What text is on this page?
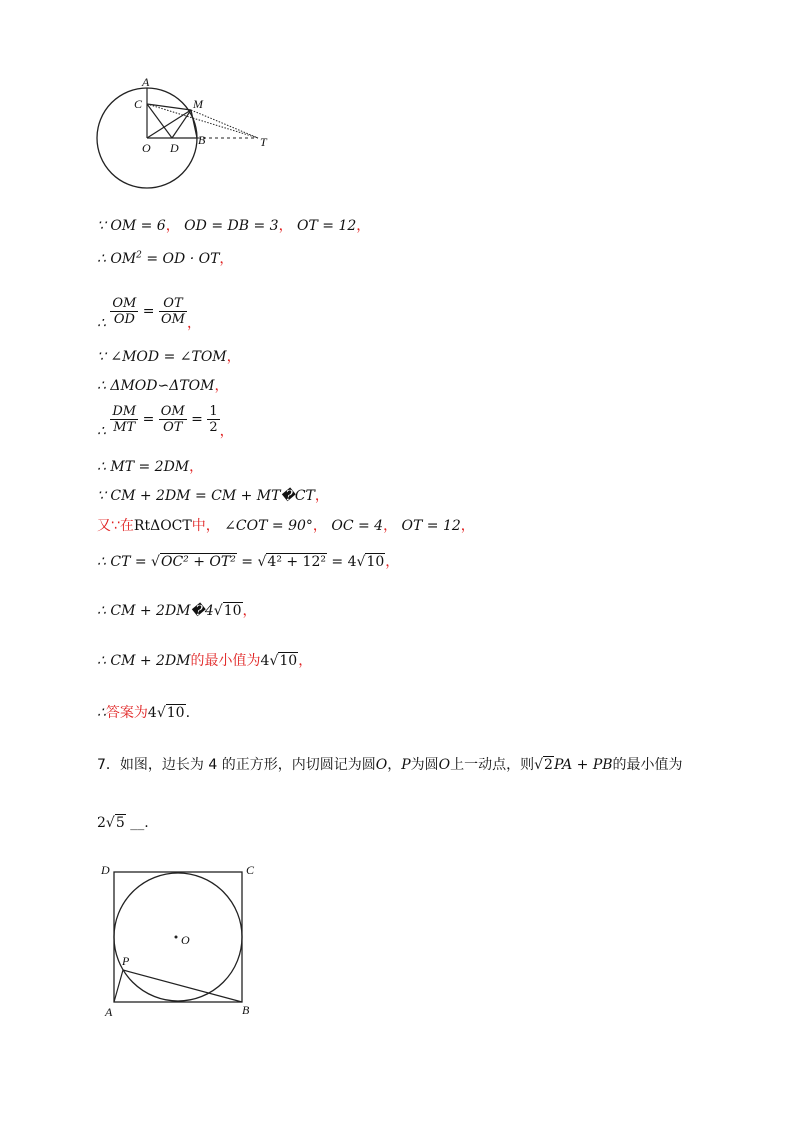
A
M
C
O D
B	T
∵ OM = 6， OD = DB = 3， OT = 12，
∴ $OM^2$ = OD · OT，
∴ $\frac{OM}{OD} = \frac{OT}{OM}$ ，
∵ ∠MOD = ∠TOM，
∴ ΔMOD∽ΔTOM，
∴ $\frac{DM}{MT} = \frac{OM}{OT} = \frac{1}{2}$ ，
∴ MT = 2DM，
∵ CM + 2DM = CM + MT�CT，
又∵在RtΔOCT中， ∠COT = 90°， OC = 4， OT = 12，
∴ CT = √OC² + OT² = √4² + 12² = 4√10，
∴ CM + 2DM�4√10，
∴ CM + 2DM的最小值为4√10，
∴答案为4√10.
7．如图，边长为 4 的正方形，内切圆记为圆O，P为圆O上一动点，则√2PA + PB的最小值为
2√5 __.
D	C
O
P
A	B
